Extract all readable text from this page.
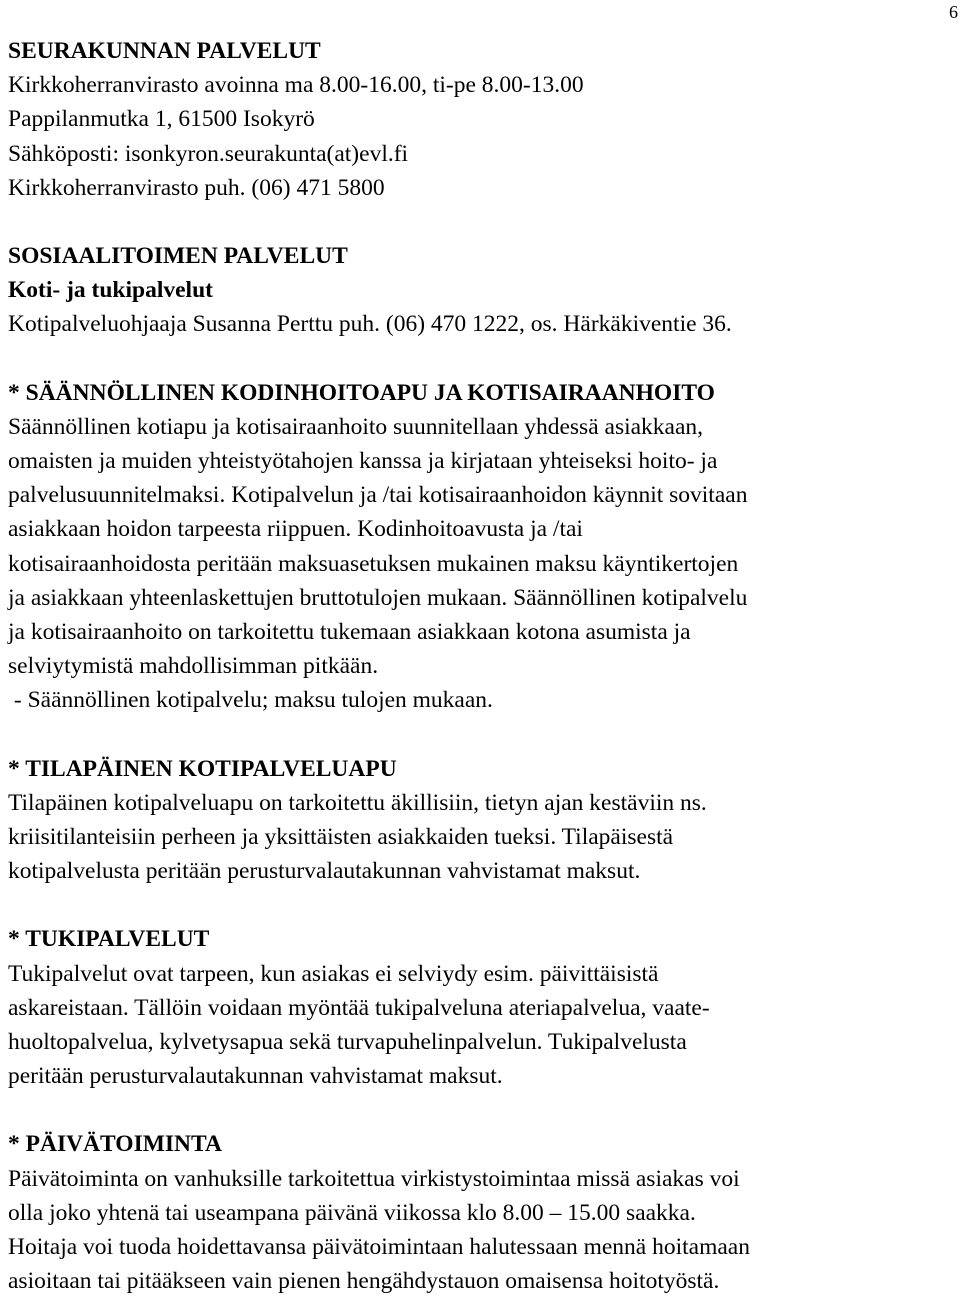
6
SEURAKUNNAN PALVELUT
Kirkkoherranvirasto avoinna ma 8.00-16.00, ti-pe 8.00-13.00
Pappilanmutka 1, 61500 Isokyrö
Sähköposti: isonkyron.seurakunta(at)evl.fi
Kirkkoherranvirasto puh. (06) 471 5800
SOSIAALITOIMEN PALVELUT
Koti- ja tukipalvelut
Kotipalveluohjaaja Susanna Perttu puh. (06) 470 1222, os. Härkäkiventie 36.
* SÄÄNNÖLLINEN KODINHOITOAPU JA KOTISAIRAANHOITO
Säännöllinen kotiapu ja kotisairaanhoito suunnitellaan yhdessä asiakkaan,
omaisten ja muiden yhteistyötahojen kanssa ja kirjataan yhteiseksi hoito- ja
palvelusuunnitelmaksi. Kotipalvelun ja /tai kotisairaanhoidon käynnit sovitaan
asiakkaan hoidon tarpeesta riippuen. Kodinhoitoavusta ja /tai
kotisairaanhoidosta peritään maksuasetuksen mukainen maksu käyntikertojen
ja asiakkaan yhteenlaskettujen bruttotulojen mukaan. Säännöllinen kotipalvelu
ja kotisairaanhoito on tarkoitettu tukemaan asiakkaan kotona asumista ja
selviytymistä mahdollisimman pitkään.
- Säännöllinen kotipalvelu; maksu tulojen mukaan.
* TILAPÄINEN KOTIPALVELUAPU
Tilapäinen kotipalveluapu on tarkoitettu äkillisiin, tietyn ajan kestäviin ns.
kriisitilanteisiin perheen ja yksittäisten asiakkaiden tueksi. Tilapäisestä
kotipalvelusta peritään perusturvalautakunnan vahvistamat maksut.
* TUKIPALVELUT
Tukipalvelut ovat tarpeen, kun asiakas ei selviydy esim. päivittäisistä
askareistaan. Tällöin voidaan myöntää tukipalveluna ateriapalvelua, vaate-
huoltopalvelua, kylvetysapua sekä turvapuhelinpalvelun. Tukipalvelusta
peritään perusturvalautakunnan vahvistamat maksut.
* PÄIVÄTOIMINTA
Päivätoiminta on vanhuksille tarkoitettua virkistystoimintaa missä asiakas voi
olla joko yhtenä tai useampana päivänä viikossa klo 8.00 – 15.00 saakka.
Hoitaja voi tuoda hoidettavansa päivätoimintaan halutessaan mennä hoitamaan
asioitaan tai pitääkseen vain pienen hengähdystauon omaisensa hoitotyöstä.
